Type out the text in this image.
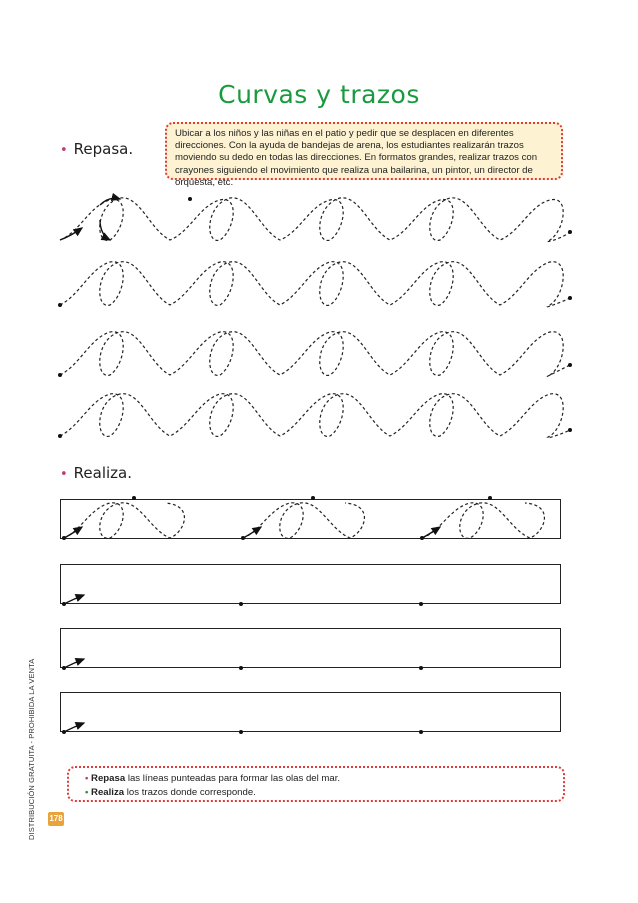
Curvas y trazos
Ubicar a los niños y las niñas en el patio y pedir que se desplacen en diferentes direcciones. Con la ayuda de bandejas de arena, los estudiantes realizarán trazos moviendo su dedo en todas las direcciones. En formatos grandes, realizar trazos con crayones siguiendo el movimiento que realiza una bailarina, un pintor, un director de orquesta, etc.
• Repasa.
• Realiza.
• Repasa las líneas punteadas para formar las olas del mar.
• Realiza los trazos donde corresponde.
DISTRIBUCIÓN GRATUITA - PROHIBIDA LA VENTA 178
